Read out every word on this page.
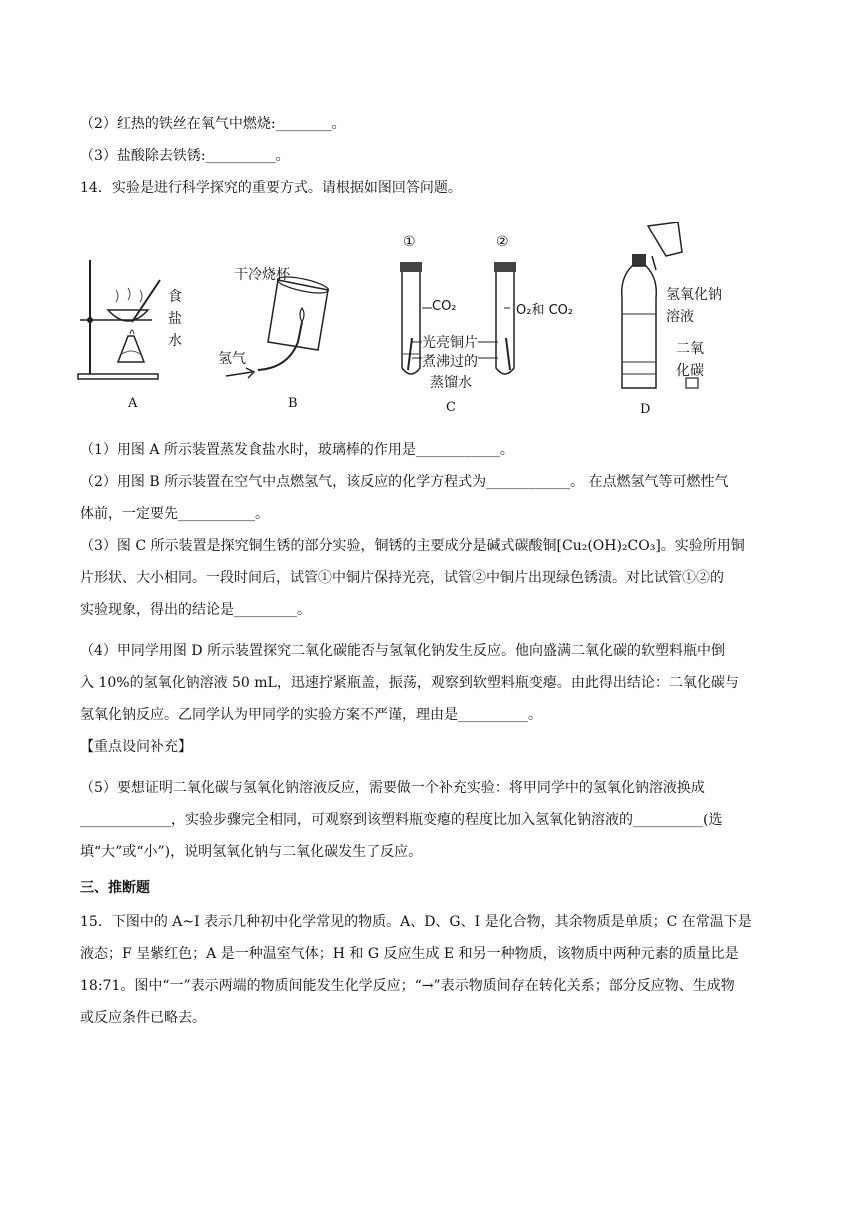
（2）红热的铁丝在氧气中燃烧:________。
（3）盐酸除去铁锈:__________。
14．实验是进行科学探究的重要方式。请根据如图回答问题。
食
盐
水
A
干冷烧杯
氢气
B
①	②
CO₂	O₂和 CO₂
光亮铜片
煮沸过的
蒸馏水
C
氢氧化钠
溶液
二氧
化碳
D
（1）用图 A 所示装置蒸发食盐水时，玻璃棒的作用是____________。
（2）用图 B 所示装置在空气中点燃氢气，该反应的化学方程式为____________。 在点燃氢气等可燃性气
体前，一定要先___________。
（3）图 C 所示装置是探究铜生锈的部分实验，铜锈的主要成分是碱式碳酸铜[Cu₂(OH)₂CO₃]。实验所用铜
片形状、大小相同。一段时间后，试管①中铜片保持光亮，试管②中铜片出现绿色锈渍。对比试管①②的
实验现象，得出的结论是_________。
（4）甲同学用图 D 所示装置探究二氧化碳能否与氢氧化钠发生反应。他向盛满二氧化碳的软塑料瓶中倒
入 10%的氢氧化钠溶液 50 mL，迅速拧紧瓶盖，振荡，观察到软塑料瓶变瘪。由此得出结论：二氧化碳与
氢氧化钠反应。乙同学认为甲同学的实验方案不严谨，理由是__________。
【重点设问补充】
（5）要想证明二氧化碳与氢氧化钠溶液反应，需要做一个补充实验：将甲同学中的氢氧化钠溶液换成
_____________，实验步骤完全相同，可观察到该塑料瓶变瘪的程度比加入氢氧化钠溶液的__________(选
填“大”或“小”)，说明氢氧化钠与二氧化碳发生了反应。
三、推断题
15．下图中的 A~I 表示几种初中化学常见的物质。A、D、G、I 是化合物，其余物质是单质；C 在常温下是
液态；F 呈紫红色；A 是一种温室气体；H 和 G 反应生成 E 和另一种物质，该物质中两种元素的质量比是
18:71。图中“一”表示两端的物质间能发生化学反应；“→”表示物质间存在转化关系；部分反应物、生成物
或反应条件已略去。
